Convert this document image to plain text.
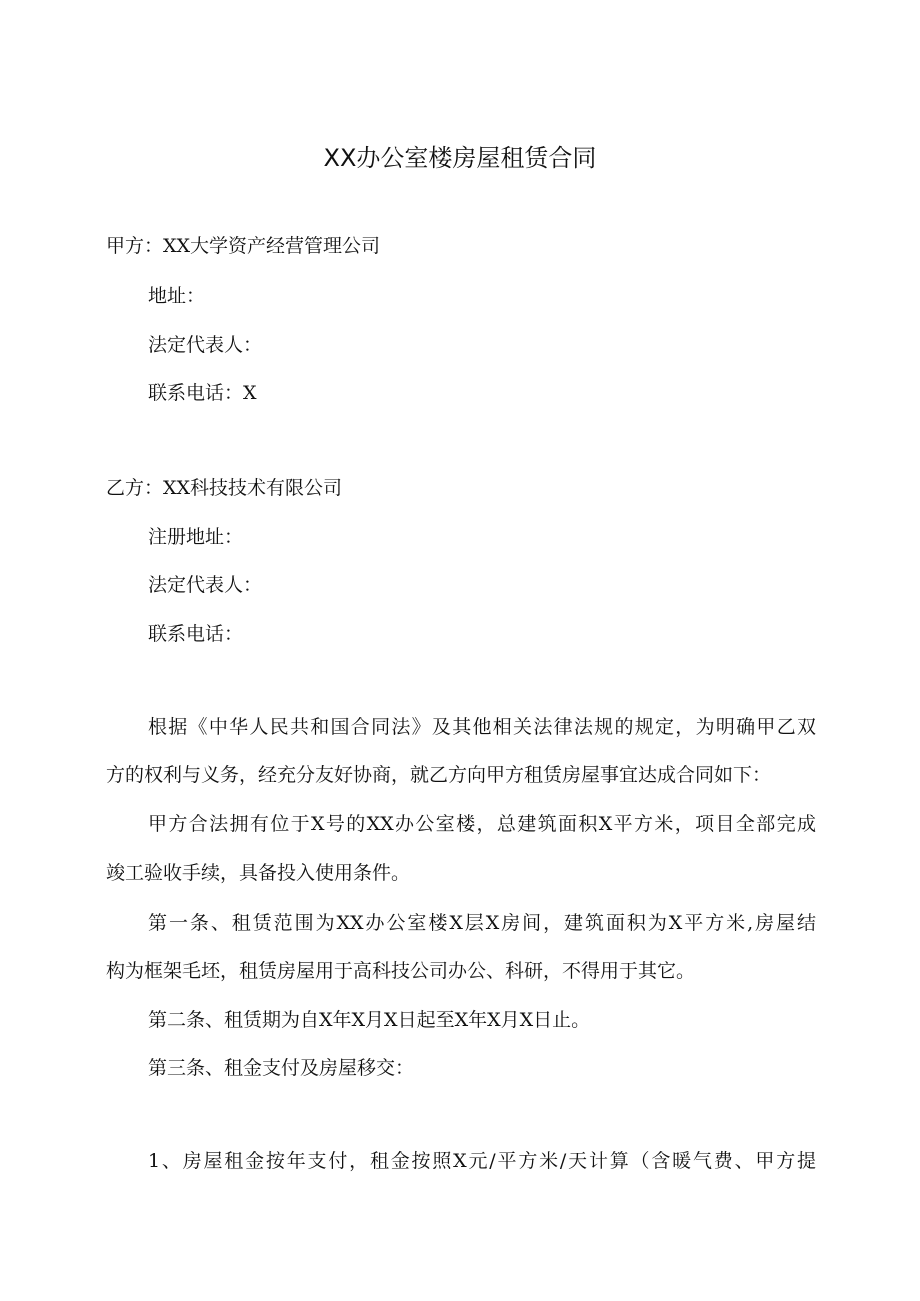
XX办公室楼房屋租赁合同
甲方：XX大学资产经营管理公司
地址：
法定代表人：
联系电话：X
乙方：XX科技技术有限公司
注册地址：
法定代表人：
联系电话：
根据《中华人民共和国合同法》及其他相关法律法规的规定，为明确甲乙双
方的权利与义务，经充分友好协商，就乙方向甲方租赁房屋事宜达成合同如下：
甲方合法拥有位于X号的XX办公室楼，总建筑面积X平方米，项目全部完成
竣工验收手续，具备投入使用条件。
第一条、租赁范围为XX办公室楼X层X房间，建筑面积为X平方米,房屋结
构为框架毛坯，租赁房屋用于高科技公司办公、科研，不得用于其它。
第二条、租赁期为自X年X月X日起至X年X月X日止。
第三条、租金支付及房屋移交：
1、房屋租金按年支付，租金按照X元/平方米/天计算（含暖气费、甲方提
